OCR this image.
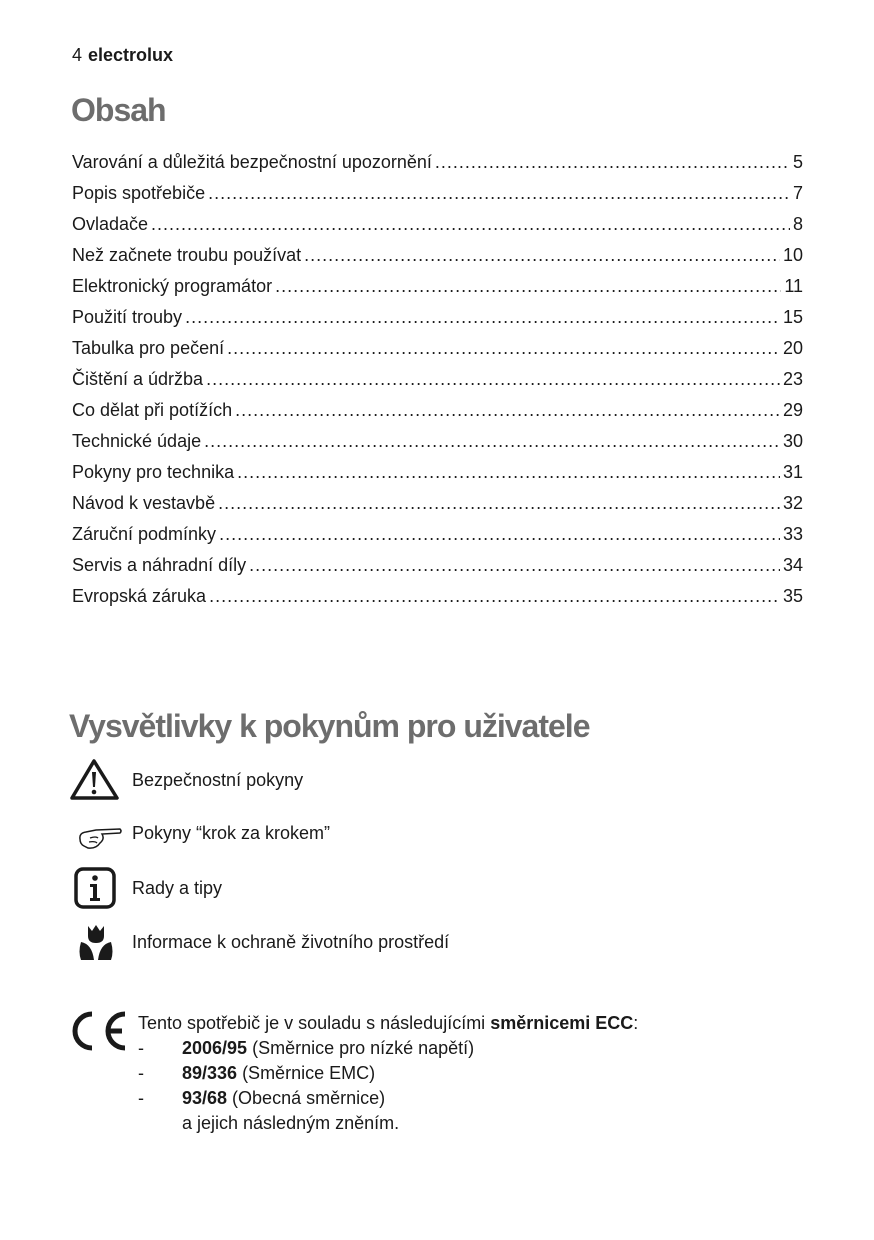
4 electrolux
Obsah
Varování a důležitá bezpečnostní upozornění .....	5
Popis spotřebiče .....	7
Ovladače .....	8
Než začnete troubu používat .....	10
Elektronický programátor .....	11
Použití trouby .....	15
Tabulka pro pečení .....	20
Čištění a údržba .....	23
Co dělat při potížích .....	29
Technické údaje .....	30
Pokyny pro technika .....	31
Návod k vestavbě .....	32
Záruční podmínky .....	33
Servis a náhradní díly .....	34
Evropská záruka .....	35
Vysvětlivky k pokynům pro uživatele
Bezpečnostní pokyny
Pokyny “krok za krokem”
Rady a tipy
Informace k ochraně životního prostředí
Tento spotřebič je v souladu s následujícími směrnicemi ECC:
- 2006/95 (Směrnice pro nízké napětí)
- 89/336 (Směrnice EMC)
- 93/68 (Obecná směrnice)
a jejich následným zněním.
